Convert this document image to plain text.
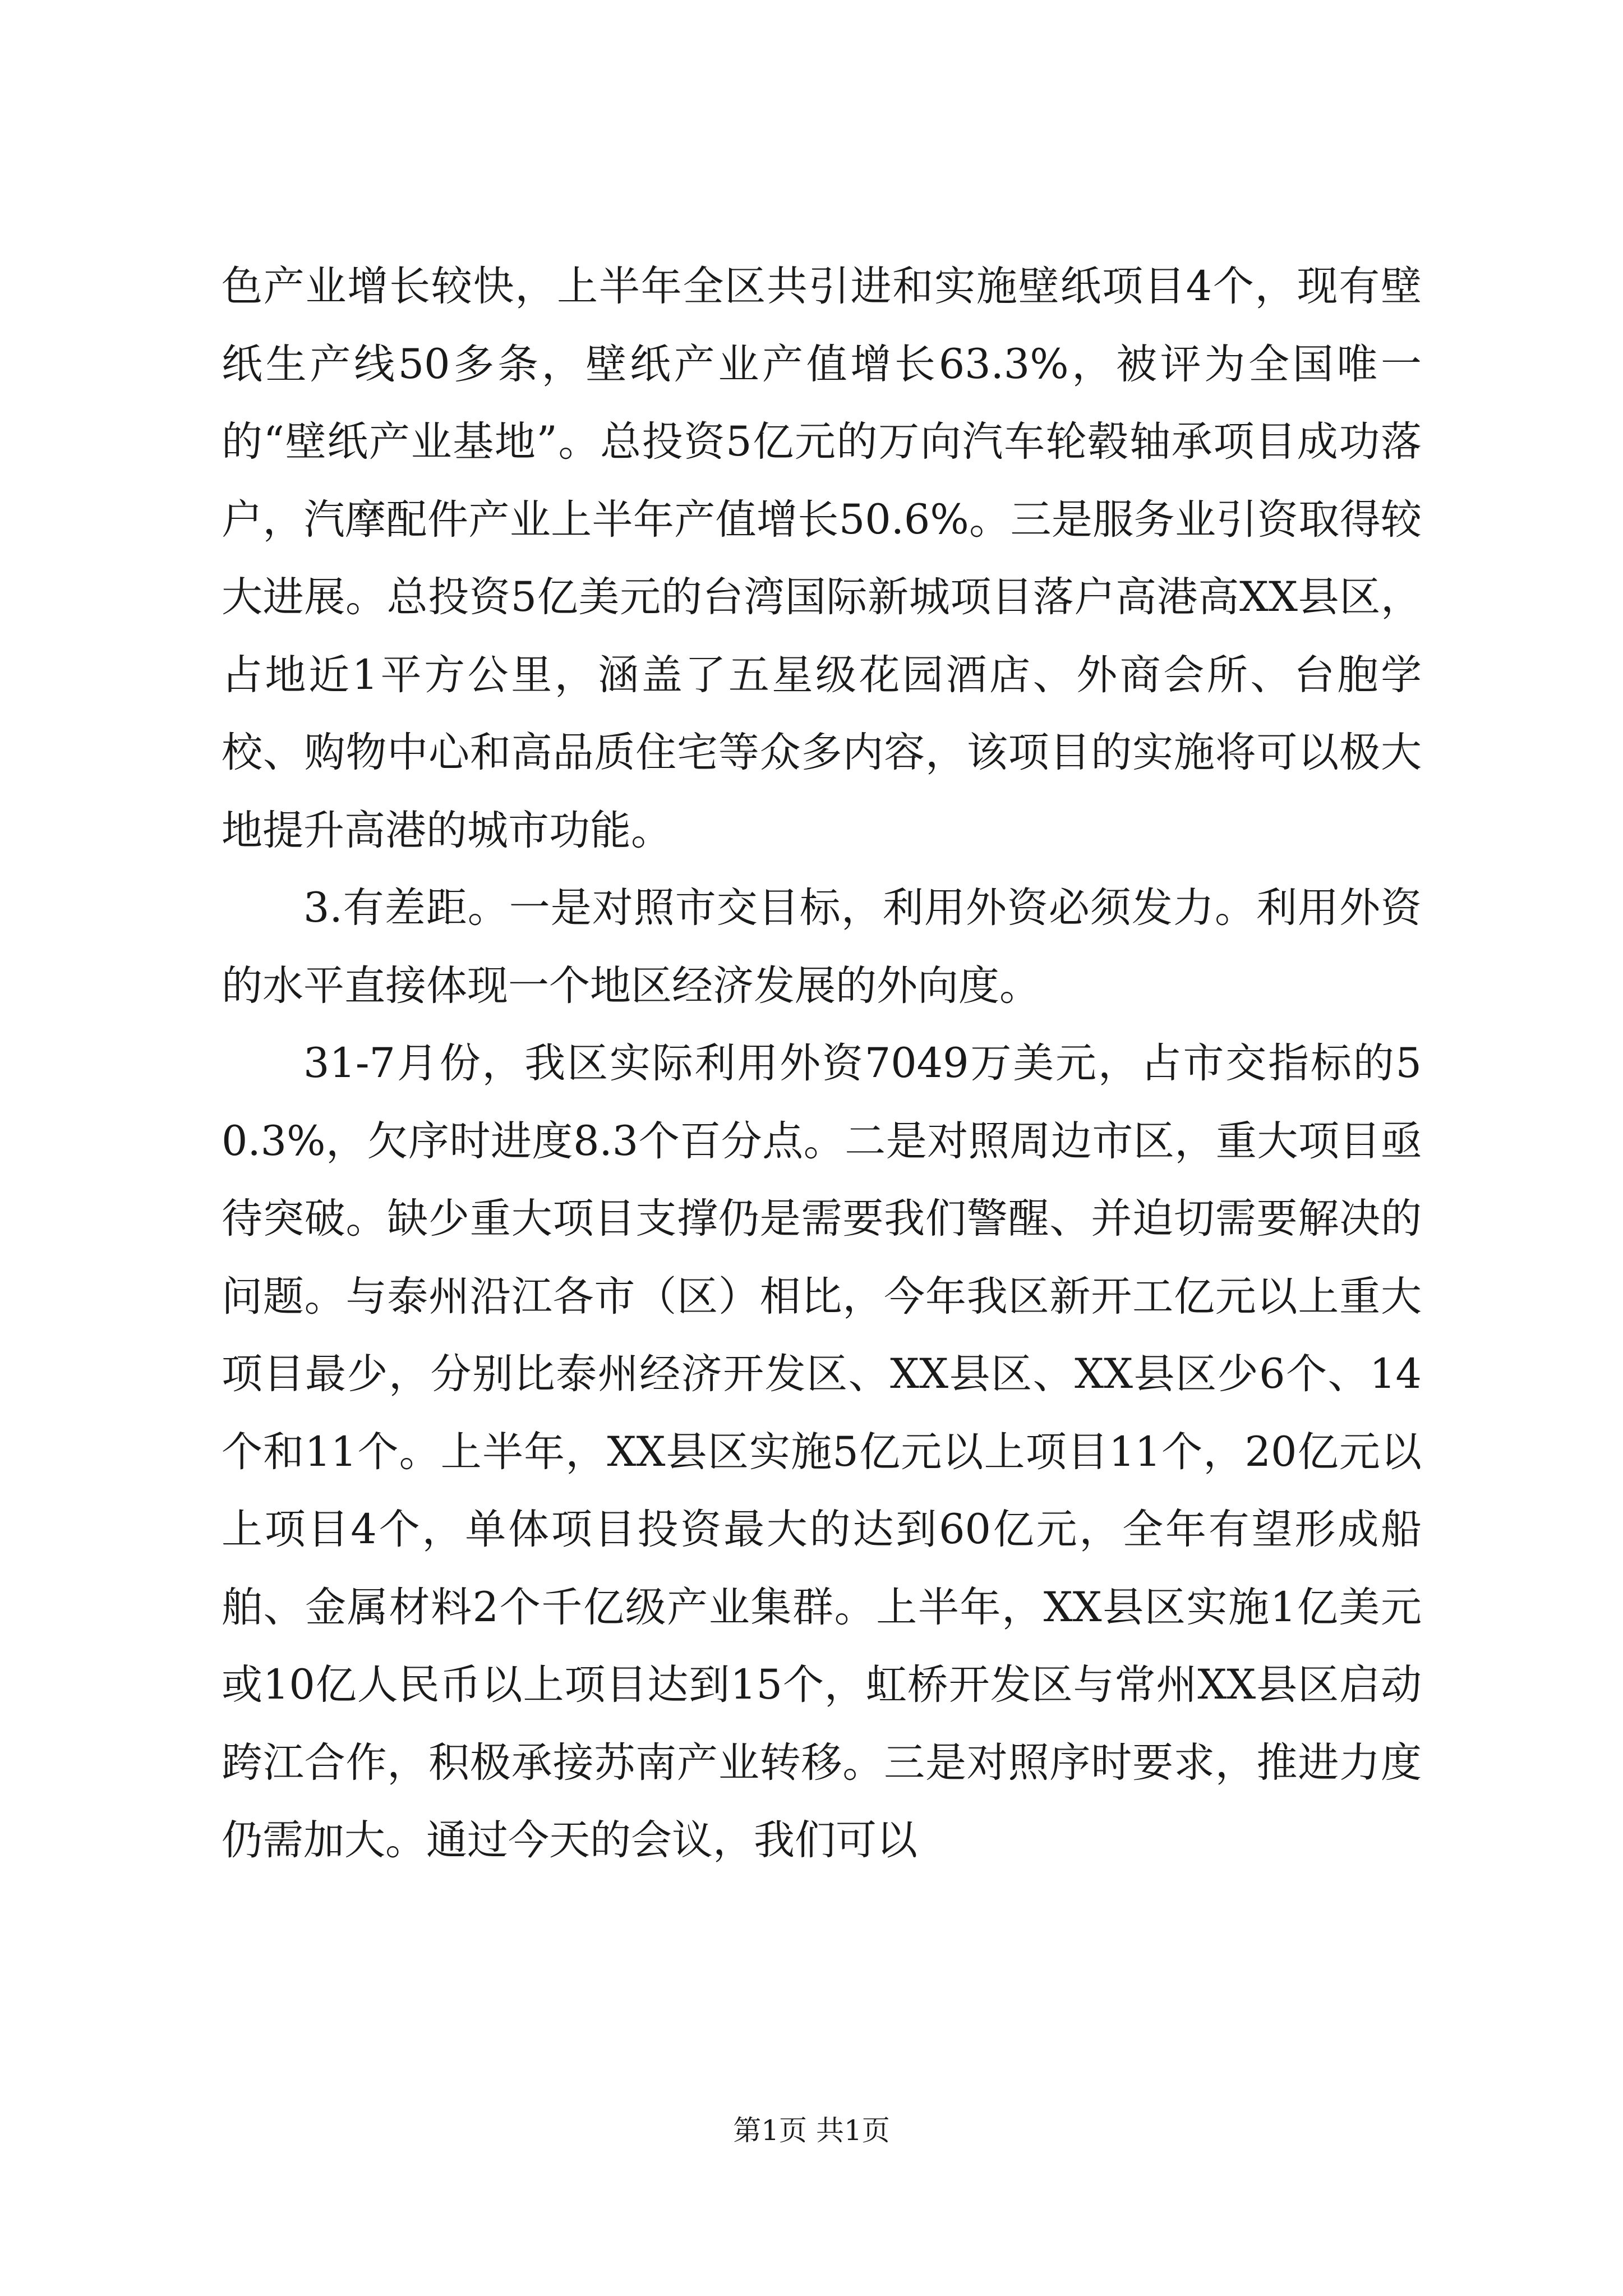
色产业增长较快，上半年全区共引进和实施壁纸项目4个，现有壁纸生产线50多条，壁纸产业产值增长63.3%，被评为全国唯一的“壁纸产业基地”。总投资5亿元的万向汽车轮毂轴承项目成功落户，汽摩配件产业上半年产值增长50.6%。三是服务业引资取得较大进展。总投资5亿美元的台湾国际新城项目落户高港高XX县区，占地近1平方公里，涵盖了五星级花园酒店、外商会所、台胞学校、购物中心和高品质住宅等众多内容，该项目的实施将可以极大地提升高港的城市功能。

3.有差距。一是对照市交目标，利用外资必须发力。利用外资的水平直接体现一个地区经济发展的外向度。

31-7月份，我区实际利用外资7049万美元，占市交指标的50.3%，欠序时进度8.3个百分点。二是对照周边市区，重大项目亟待突破。缺少重大项目支撑仍是需要我们警醒、并迫切需要解决的问题。与泰州沿江各市（区）相比，今年我区新开工亿元以上重大项目最少，分别比泰州经济开发区、XX县区、XX县区少6个、14个和11个。上半年，XX县区实施5亿元以上项目11个，20亿元以上项目4个，单体项目投资最大的达到60亿元，全年有望形成船舶、金属材料2个千亿级产业集群。上半年，XX县区实施1亿美元或10亿人民币以上项目达到15个，虹桥开发区与常州XX县区启动跨江合作，积极承接苏南产业转移。三是对照序时要求，推进力度仍需加大。通过今天的会议，我们可以

第1页 共1页
